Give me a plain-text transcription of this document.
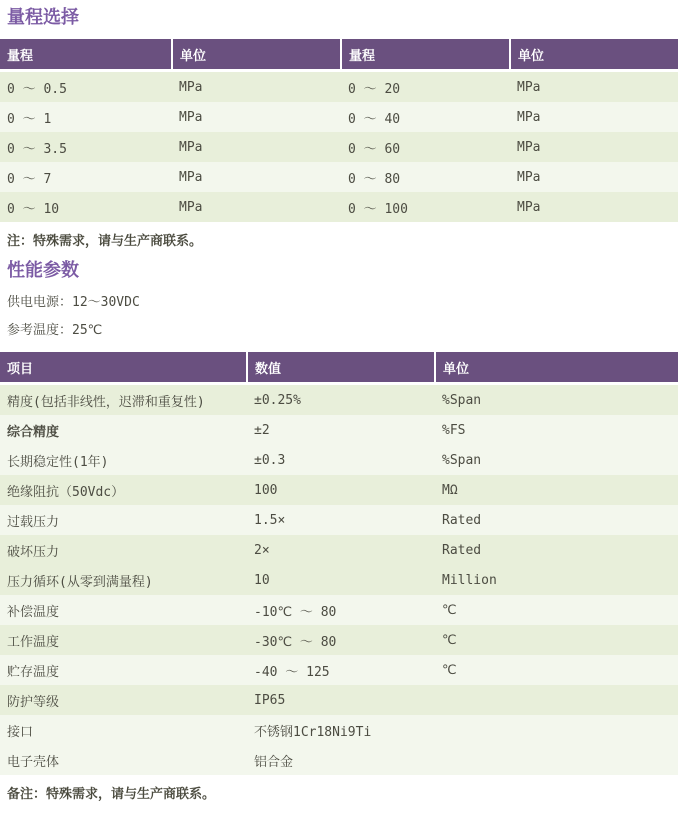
量程选择
量程	单位	量程	单位
0 ～ 0.5	MPa	0 ～ 20	MPa
0 ～ 1	MPa	0 ～ 40	MPa
0 ～ 3.5	MPa	0 ～ 60	MPa
0 ～ 7	MPa	0 ～ 80	MPa
0 ～ 10	MPa	0 ～ 100	MPa

注：特殊需求，请与生产商联系。

性能参数

供电电源：12～30VDC

参考温度：25℃

项目	数值	单位
精度(包括非线性，迟滞和重复性)	±0.25%	%Span
综合精度	±2	%FS
长期稳定性(1年)	±0.3	%Span
绝缘阻抗（50Vdc）	100	MΩ
过载压力	1.5×	Rated
破坏压力	2×	Rated
压力循环(从零到满量程)	10	Million
补偿温度	-10℃ ～ 80	℃
工作温度	-30℃ ～ 80	℃
贮存温度	-40 ～ 125	℃
防护等级	IP65	
接口	不锈钢1Cr18Ni9Ti	
电子壳体	铝合金	

备注：特殊需求，请与生产商联系。
